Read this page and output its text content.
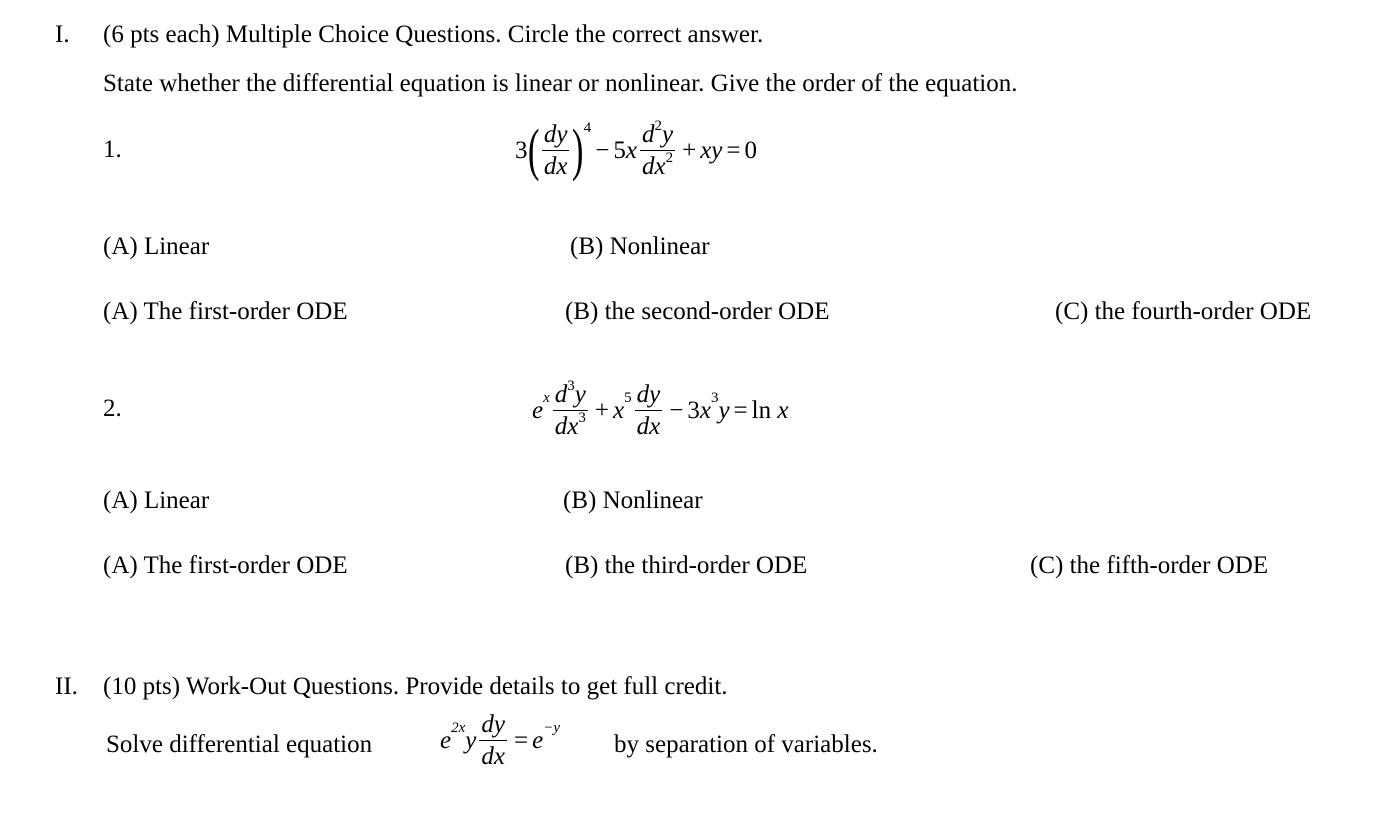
I. (6 pts each) Multiple Choice Questions. Circle the correct answer.
State whether the differential equation is linear or nonlinear. Give the order of the equation.
1.	3 ( $\frac{dy}{dx} )^4$
− 5 x $\frac{d^2y}{dx^2}$ + xy = 0
(A) Linear	(B) Nonlinear
(A) The first-order ODE	(B) the second-order ODE	(C) the fourth-order ODE
2.	$e^x \frac{d^3y}{dx^3} + x^5 \frac{dy}{dx} - 3$ $x^3$ y = ln x
(A) Linear	(B) Nonlinear
(A) The first-order ODE	(B) the third-order ODE	(C) the fifth-order ODE
II. (10 pts) Work-Out Questions. Provide details to get full credit.
Solve differential equation	$e^{2x}$ y $\frac{dy}{dx} = e^{-y}$
by separation of variables.
